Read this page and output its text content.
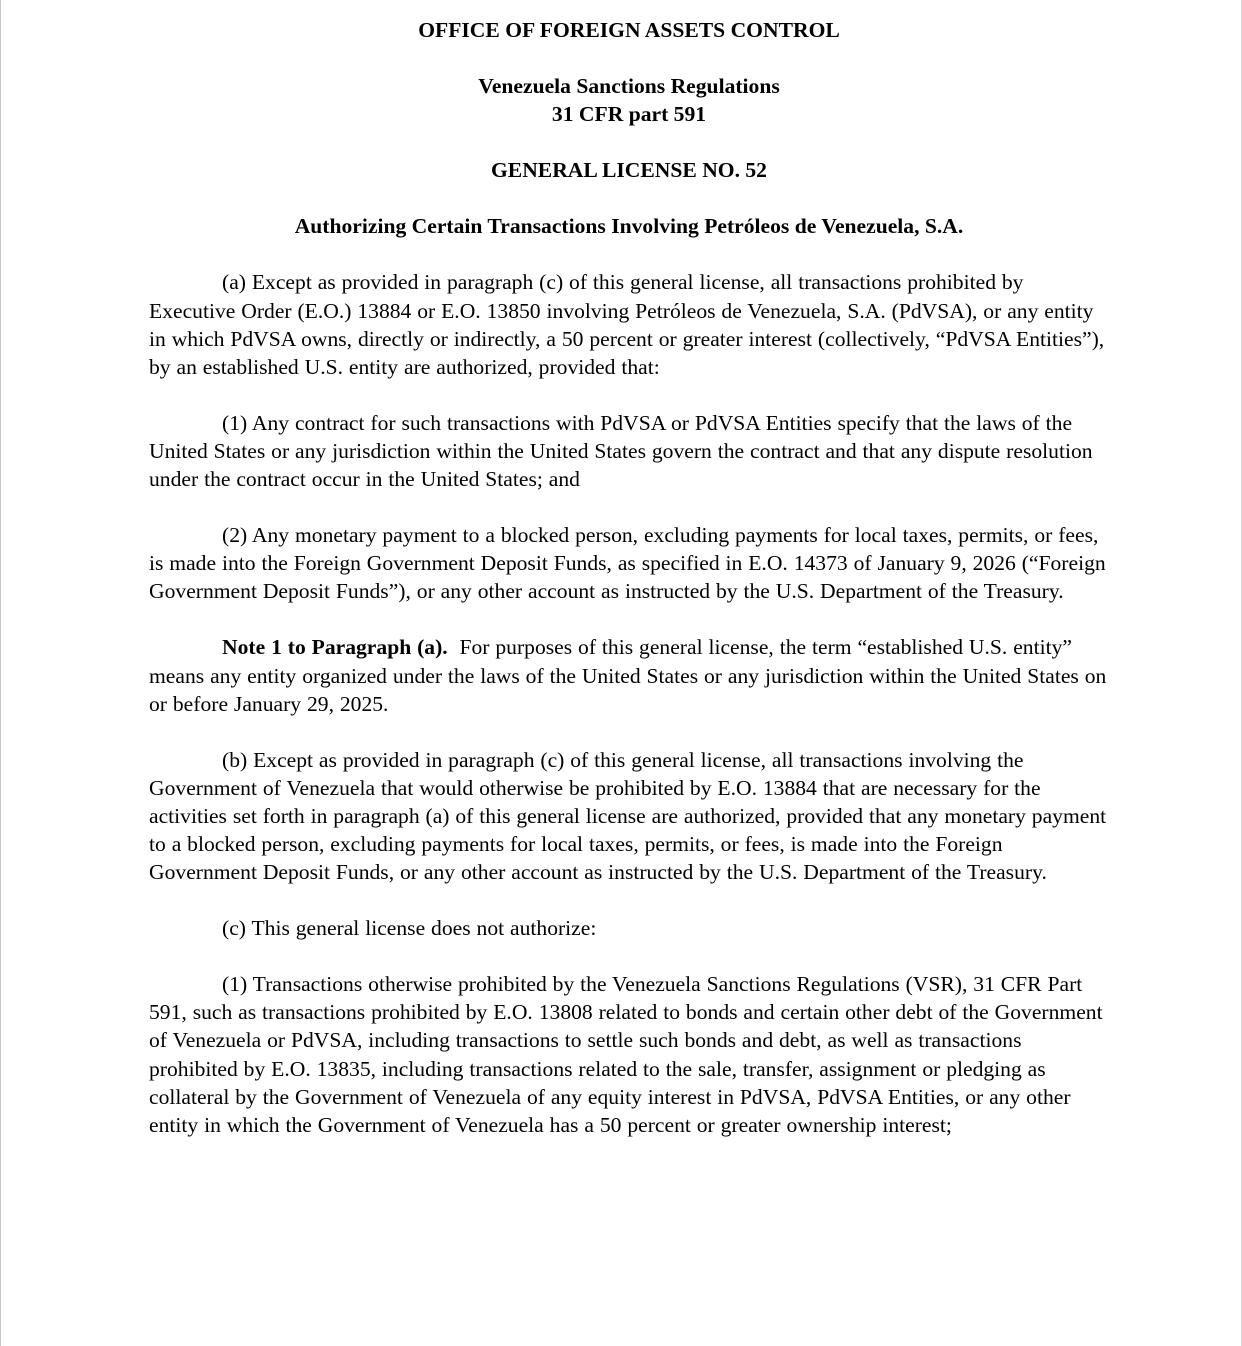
OFFICE OF FOREIGN ASSETS CONTROL

Venezuela Sanctions Regulations

31 CFR part 591

GENERAL LICENSE NO. 52

Authorizing Certain Transactions Involving Petróleos de Venezuela, S.A.

(a) Except as provided in paragraph (c) of this general license, all transactions prohibited by Executive Order (E.O.) 13884 or E.O. 13850 involving Petróleos de Venezuela, S.A. (PdVSA), or any entity in which PdVSA owns, directly or indirectly, a 50 percent or greater interest (collectively, “PdVSA Entities”), by an established U.S. entity are authorized, provided that:

(1) Any contract for such transactions with PdVSA or PdVSA Entities specify that the laws of the United States or any jurisdiction within the United States govern the contract and that any dispute resolution under the contract occur in the United States; and

(2) Any monetary payment to a blocked person, excluding payments for local taxes, permits, or fees, is made into the Foreign Government Deposit Funds, as specified in E.O. 14373 of January 9, 2026 (“Foreign Government Deposit Funds”), or any other account as instructed by the U.S. Department of the Treasury.

Note 1 to Paragraph (a). For purposes of this general license, the term “established U.S. entity” means any entity organized under the laws of the United States or any jurisdiction within the United States on or before January 29, 2025.

(b) Except as provided in paragraph (c) of this general license, all transactions involving the Government of Venezuela that would otherwise be prohibited by E.O. 13884 that are necessary for the activities set forth in paragraph (a) of this general license are authorized, provided that any monetary payment to a blocked person, excluding payments for local taxes, permits, or fees, is made into the Foreign Government Deposit Funds, or any other account as instructed by the U.S. Department of the Treasury.

(c) This general license does not authorize:

(1) Transactions otherwise prohibited by the Venezuela Sanctions Regulations (VSR), 31 CFR Part 591, such as transactions prohibited by E.O. 13808 related to bonds and certain other debt of the Government of Venezuela or PdVSA, including transactions to settle such bonds and debt, as well as transactions prohibited by E.O. 13835, including transactions related to the sale, transfer, assignment or pledging as collateral by the Government of Venezuela of any equity interest in PdVSA, PdVSA Entities, or any other entity in which the Government of Venezuela has a 50 percent or greater ownership interest;
